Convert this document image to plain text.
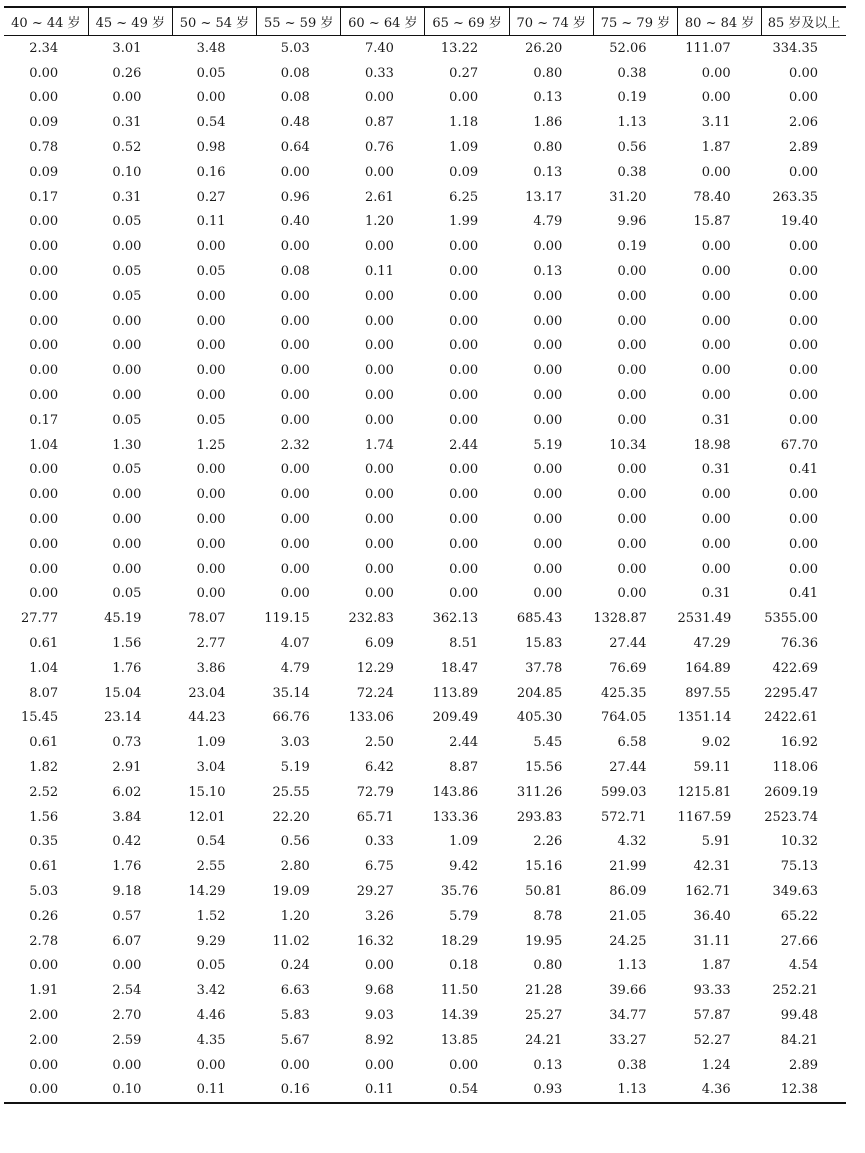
40 ~ 44 岁	45 ~ 49 岁	50 ~ 54 岁	55 ~ 59 岁	60 ~ 64 岁	65 ~ 69 岁	70 ~ 74 岁	75 ~ 79 岁	80 ~ 84 岁	85 岁及以上
2.34	3.01	3.48	5.03	7.40	13.22	26.20	52.06	111.07	334.35
0.00	0.26	0.05	0.08	0.33	0.27	0.80	0.38	0.00	0.00
0.00	0.00	0.00	0.08	0.00	0.00	0.13	0.19	0.00	0.00
0.09	0.31	0.54	0.48	0.87	1.18	1.86	1.13	3.11	2.06
0.78	0.52	0.98	0.64	0.76	1.09	0.80	0.56	1.87	2.89
0.09	0.10	0.16	0.00	0.00	0.09	0.13	0.38	0.00	0.00
0.17	0.31	0.27	0.96	2.61	6.25	13.17	31.20	78.40	263.35
0.00	0.05	0.11	0.40	1.20	1.99	4.79	9.96	15.87	19.40
0.00	0.00	0.00	0.00	0.00	0.00	0.00	0.19	0.00	0.00
0.00	0.05	0.05	0.08	0.11	0.00	0.13	0.00	0.00	0.00
0.00	0.05	0.00	0.00	0.00	0.00	0.00	0.00	0.00	0.00
0.00	0.00	0.00	0.00	0.00	0.00	0.00	0.00	0.00	0.00
0.00	0.00	0.00	0.00	0.00	0.00	0.00	0.00	0.00	0.00
0.00	0.00	0.00	0.00	0.00	0.00	0.00	0.00	0.00	0.00
0.00	0.00	0.00	0.00	0.00	0.00	0.00	0.00	0.00	0.00
0.17	0.05	0.05	0.00	0.00	0.00	0.00	0.00	0.31	0.00
1.04	1.30	1.25	2.32	1.74	2.44	5.19	10.34	18.98	67.70
0.00	0.05	0.00	0.00	0.00	0.00	0.00	0.00	0.31	0.41
0.00	0.00	0.00	0.00	0.00	0.00	0.00	0.00	0.00	0.00
0.00	0.00	0.00	0.00	0.00	0.00	0.00	0.00	0.00	0.00
0.00	0.00	0.00	0.00	0.00	0.00	0.00	0.00	0.00	0.00
0.00	0.00	0.00	0.00	0.00	0.00	0.00	0.00	0.00	0.00
0.00	0.05	0.00	0.00	0.00	0.00	0.00	0.00	0.31	0.41
27.77	45.19	78.07	119.15	232.83	362.13	685.43	1328.87	2531.49	5355.00
0.61	1.56	2.77	4.07	6.09	8.51	15.83	27.44	47.29	76.36
1.04	1.76	3.86	4.79	12.29	18.47	37.78	76.69	164.89	422.69
8.07	15.04	23.04	35.14	72.24	113.89	204.85	425.35	897.55	2295.47
15.45	23.14	44.23	66.76	133.06	209.49	405.30	764.05	1351.14	2422.61
0.61	0.73	1.09	3.03	2.50	2.44	5.45	6.58	9.02	16.92
1.82	2.91	3.04	5.19	6.42	8.87	15.56	27.44	59.11	118.06
2.52	6.02	15.10	25.55	72.79	143.86	311.26	599.03	1215.81	2609.19
1.56	3.84	12.01	22.20	65.71	133.36	293.83	572.71	1167.59	2523.74
0.35	0.42	0.54	0.56	0.33	1.09	2.26	4.32	5.91	10.32
0.61	1.76	2.55	2.80	6.75	9.42	15.16	21.99	42.31	75.13
5.03	9.18	14.29	19.09	29.27	35.76	50.81	86.09	162.71	349.63
0.26	0.57	1.52	1.20	3.26	5.79	8.78	21.05	36.40	65.22
2.78	6.07	9.29	11.02	16.32	18.29	19.95	24.25	31.11	27.66
0.00	0.00	0.05	0.24	0.00	0.18	0.80	1.13	1.87	4.54
1.91	2.54	3.42	6.63	9.68	11.50	21.28	39.66	93.33	252.21
2.00	2.70	4.46	5.83	9.03	14.39	25.27	34.77	57.87	99.48
2.00	2.59	4.35	5.67	8.92	13.85	24.21	33.27	52.27	84.21
0.00	0.00	0.00	0.00	0.00	0.00	0.13	0.38	1.24	2.89
0.00	0.10	0.11	0.16	0.11	0.54	0.93	1.13	4.36	12.38
